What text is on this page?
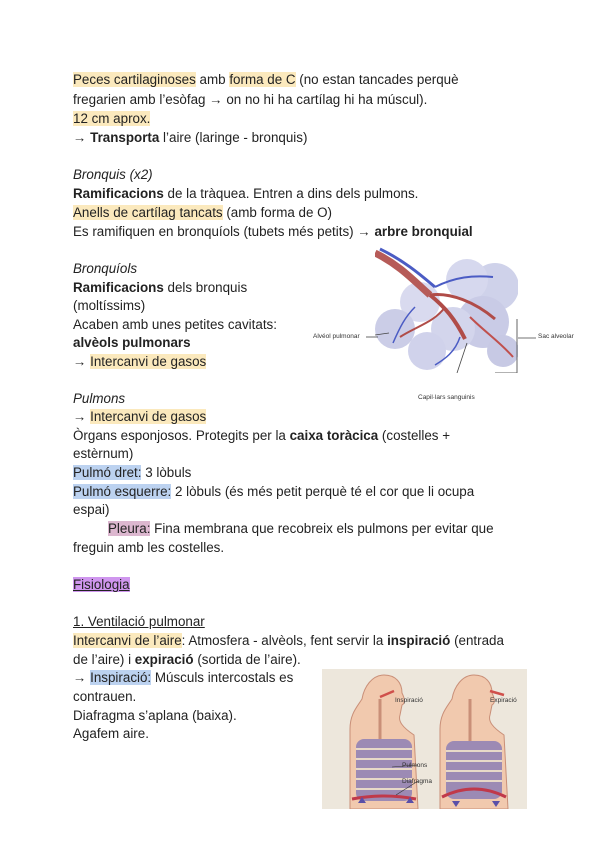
Peces cartilaginoses amb forma de C (no estan tancades perquè
fregarien amb l’esòfag → on no hi ha cartílag hi ha múscul).
12 cm aprox.
→ Transporta l’aire (laringe - bronquis)
Bronquis (x2)
Ramificacions de la tràquea. Entren a dins dels pulmons.
Anells de cartílag tancats (amb forma de O)
Es ramifiquen en bronquíols (tubets més petits) → arbre bronquial
Bronquíols
Ramificacions dels bronquis
(moltíssims)
Acaben amb unes petites cavitats:
alvèols pulmonars
→ Intercanvi de gasos
Alvéol pulmonar	Sac alveolar
Capil·lars sanguinis
Pulmons
→ Intercanvi de gasos
Òrgans esponjosos. Protegits per la caixa toràcica (costelles +
estèrnum)
Pulmó dret: 3 lòbuls
Pulmó esquerre: 2 lòbuls (és més petit perquè té el cor que li ocupa
espai)
Pleura: Fina membrana que recobreix els pulmons per evitar que
freguin amb les costelles.
Fisiologia
1. Ventilació pulmonar
Intercanvi de l’aire: Atmosfera - alvèols, fent servir la inspiració (entrada
de l’aire) i expiració (sortida de l’aire).
→ Inspiració: Músculs intercostals es
contrauen.
Diafragma s’aplana (baixa).
Agafem aire.
Inspiració	Expiració
Pulmons
Diafragma
